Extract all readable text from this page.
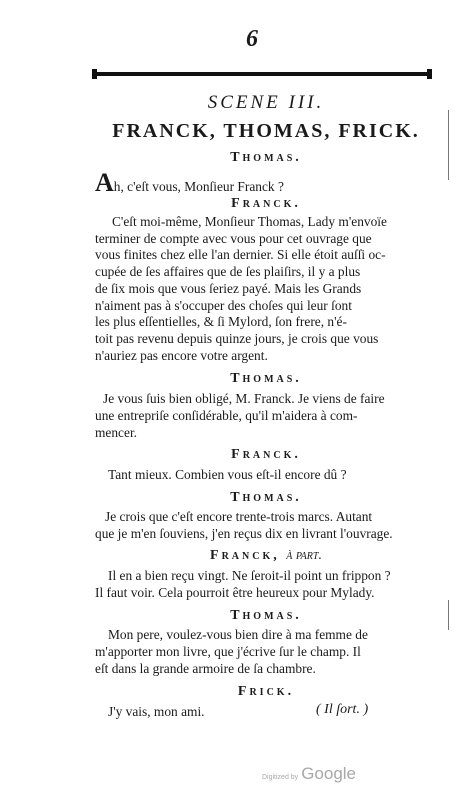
6
SCENE III.
FRANCK, THOMAS, FRICK.
Thomas.
Ah, c'eſt vous, Monſieur Franck ?
Franck.
C'eſt moi-même, Monſieur Thomas, Lady m'envoïe
terminer de compte avec vous pour cet ouvrage que
vous finites chez elle l'an dernier. Si elle étoit auſſi oc-
cupée de ſes affaires que de ſes plaiſirs, il y a plus
de ſix mois que vous ſeriez payé. Mais les Grands
n'aiment pas à s'occuper des choſes qui leur ſont
les plus eſſentielles, & ſi Mylord, ſon frere, n'é-
toit pas revenu depuis quinze jours, je crois que vous
n'auriez pas encore votre argent.
Thomas.
Je vous ſuis bien obligé, M. Franck. Je viens de faire
une entrepriſe conſidérable, qu'il m'aidera à com-
mencer.
Franck.
Tant mieux. Combien vous eſt-il encore dû ?
Thomas.
Je crois que c'eſt encore trente-trois marcs. Autant
que je m'en ſouviens, j'en reçus dix en livrant l'ouvrage.
Franck, à part.
Il en a bien reçu vingt. Ne ſeroit-il point un frippon ?
Il faut voir. Cela pourroit être heureux pour Mylady.
Thomas.
Mon pere, voulez-vous bien dire à ma femme de
m'apporter mon livre, que j'écrive ſur le champ. Il
eſt dans la grande armoire de ſa chambre.
Frick.
J'y vais, mon ami.	( Il ſort. )
Digitized by Google
